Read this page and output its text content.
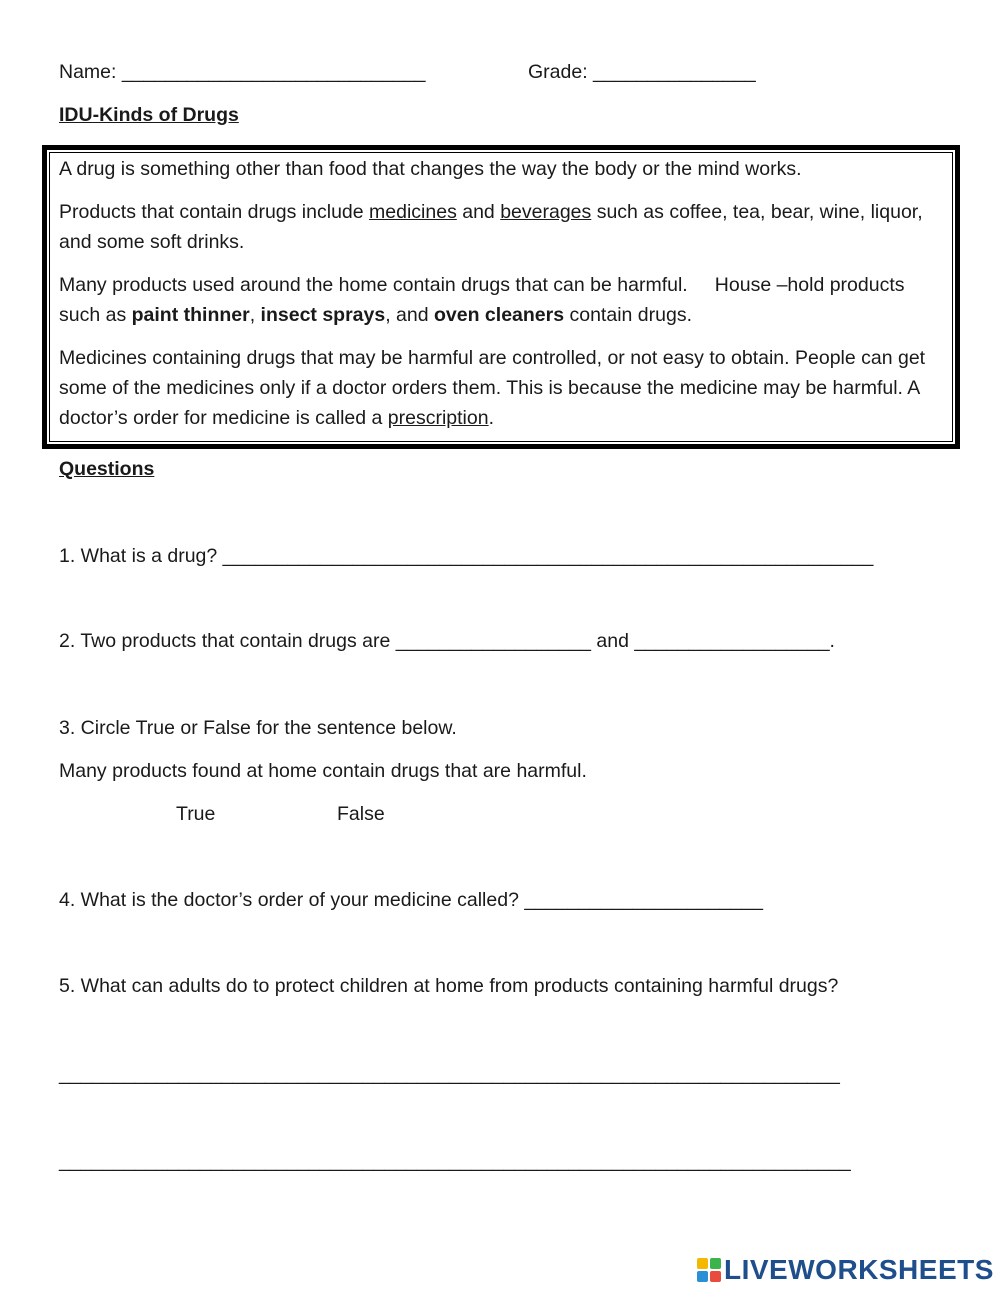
Name: ____________________________	Grade: _______________
IDU-Kinds of Drugs
A drug is something other than food that changes the way the body or the mind works.
Products that contain drugs include medicines and beverages such as coffee, tea, bear, wine, liquor, and some soft drinks.
Many products used around the home contain drugs that can be harmful.     House –hold products such as paint thinner, insect sprays, and oven cleaners contain drugs.
Medicines containing drugs that may be harmful are controlled, or not easy to obtain. People can get some of the medicines only if a doctor orders them. This is because the medicine may be harmful. A doctor’s order for medicine is called a prescription.
Questions
1. What is a drug? ____________________________________________________________
2. Two products that contain drugs are __________________ and __________________.
3. Circle True or False for the sentence below.
Many products found at home contain drugs that are harmful.
True	False
4. What is the doctor’s order of your medicine called? ______________________
5. What can adults do to protect children at home from products containing harmful drugs?
________________________________________________________________________
_________________________________________________________________________
LIVEWORKSHEETS
